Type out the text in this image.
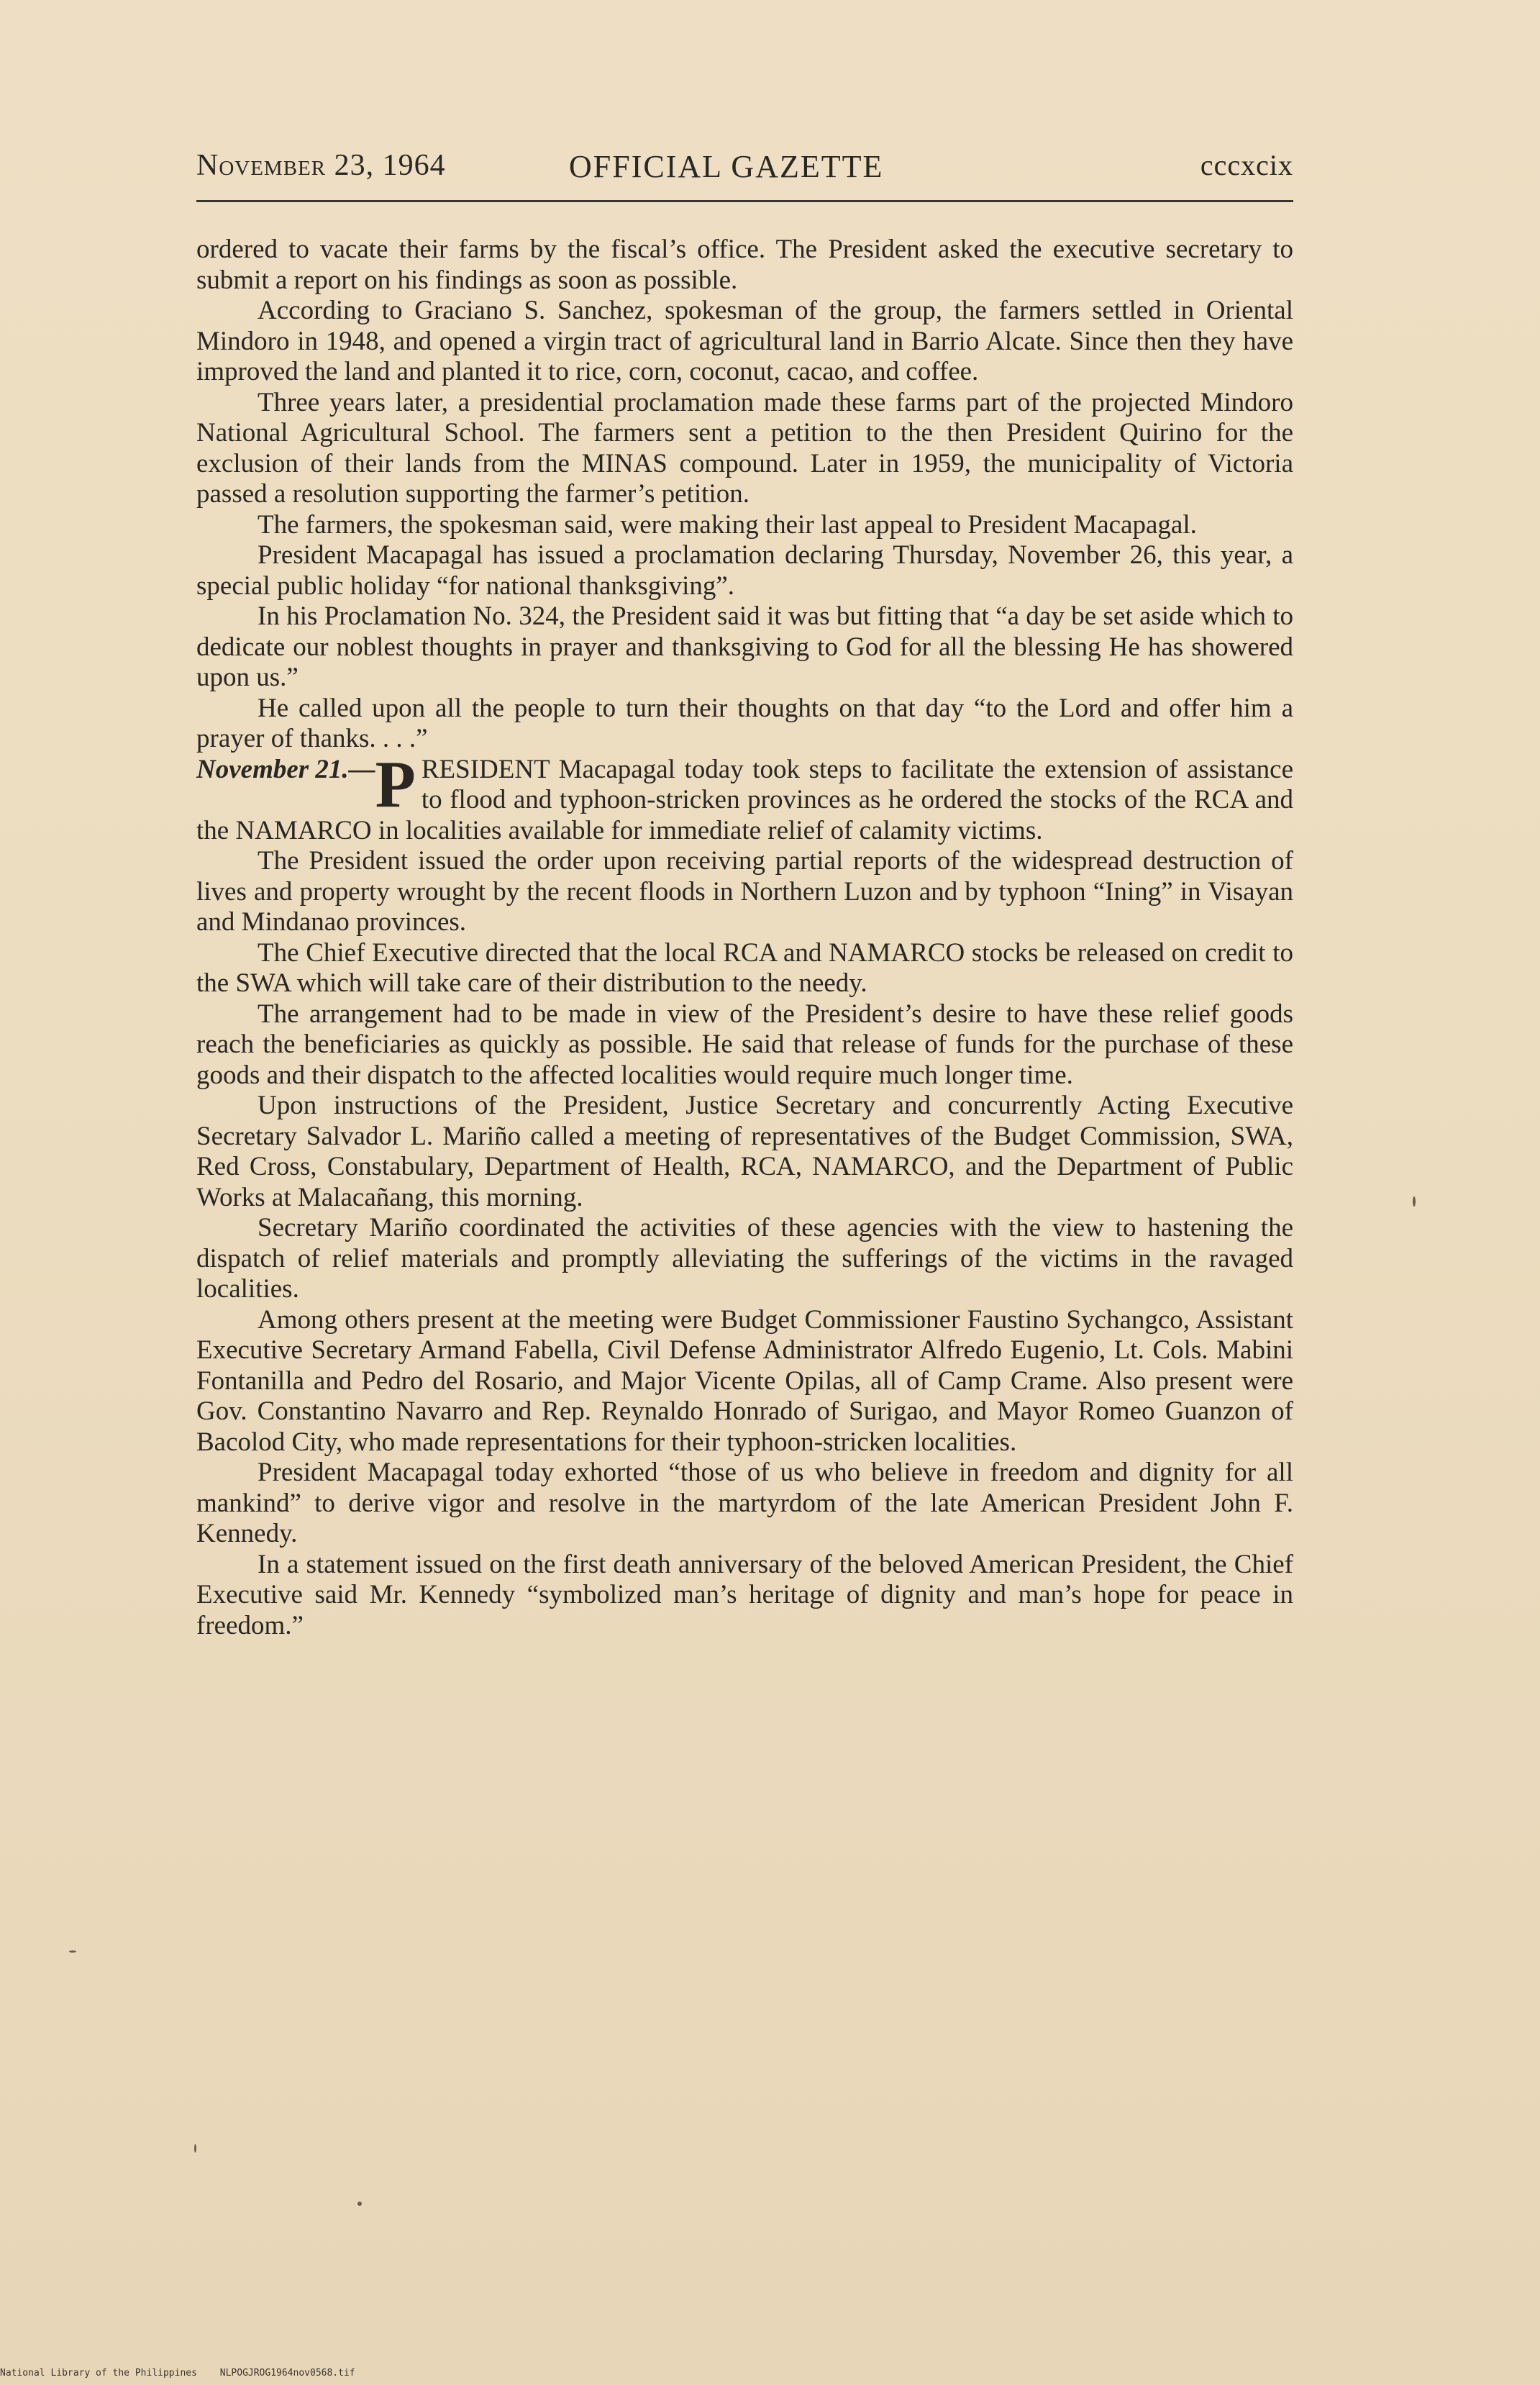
November 23, 1964	OFFICIAL GAZETTE	cccxcix

ordered to vacate their farms by the fiscal’s office. The President asked the executive secretary to submit a report on his findings as soon as possible.

According to Graciano S. Sanchez, spokesman of the group, the farmers settled in Oriental Mindoro in 1948, and opened a virgin tract of agricultural land in Barrio Alcate. Since then they have improved the land and planted it to rice, corn, coconut, cacao, and coffee.

Three years later, a presidential proclamation made these farms part of the projected Mindoro National Agricultural School. The farmers sent a petition to the then President Quirino for the exclusion of their lands from the MINAS compound. Later in 1959, the municipality of Victoria passed a resolution supporting the farmer’s petition.

The farmers, the spokesman said, were making their last appeal to President Macapagal.

President Macapagal has issued a proclamation declaring Thursday, November 26, this year, a special public holiday “for national thanksgiving”.

In his Proclamation No. 324, the President said it was but fitting that “a day be set aside which to dedicate our noblest thoughts in prayer and thanksgiving to God for all the blessing He has showered upon us.”

He called upon all the people to turn their thoughts on that day “to the Lord and offer him a prayer of thanks. . . .”

November 21.— P RESIDENT Macapagal today took steps to facilitate the extension of assistance to flood and typhoon-stricken provinces as he ordered the stocks of the RCA and the NAMARCO in localities available for immediate relief of calamity victims.

The President issued the order upon receiving partial reports of the widespread destruction of lives and property wrought by the recent floods in Northern Luzon and by typhoon “Ining” in Visayan and Mindanao provinces.

The Chief Executive directed that the local RCA and NAMARCO stocks be released on credit to the SWA which will take care of their distribution to the needy.

The arrangement had to be made in view of the President’s desire to have these relief goods reach the beneficiaries as quickly as possible. He said that release of funds for the purchase of these goods and their dispatch to the affected localities would require much longer time.

Upon instructions of the President, Justice Secretary and concurrently Acting Executive Secretary Salvador L. Mariño called a meeting of representatives of the Budget Commission, SWA, Red Cross, Constabulary, Department of Health, RCA, NAMARCO, and the Department of Public Works at Malacañang, this morning.

Secretary Mariño coordinated the activities of these agencies with the view to hastening the dispatch of relief materials and promptly alleviating the sufferings of the victims in the ravaged localities.

Among others present at the meeting were Budget Commissioner Faustino Sychangco, Assistant Executive Secretary Armand Fabella, Civil Defense Administrator Alfredo Eugenio, Lt. Cols. Mabini Fontanilla and Pedro del Rosario, and Major Vicente Opilas, all of Camp Crame. Also present were Gov. Constantino Navarro and Rep. Reynaldo Honrado of Surigao, and Mayor Romeo Guanzon of Bacolod City, who made representations for their typhoon-stricken localities.

President Macapagal today exhorted “those of us who believe in freedom and dignity for all mankind” to derive vigor and resolve in the martyrdom of the late American President John F. Kennedy.

In a statement issued on the first death anniversary of the beloved American President, the Chief Executive said Mr. Kennedy “symbolized man’s heritage of dignity and man’s hope for peace in freedom.”

National Library of the Philippines NLPOGJROG1964nov0568.tif
